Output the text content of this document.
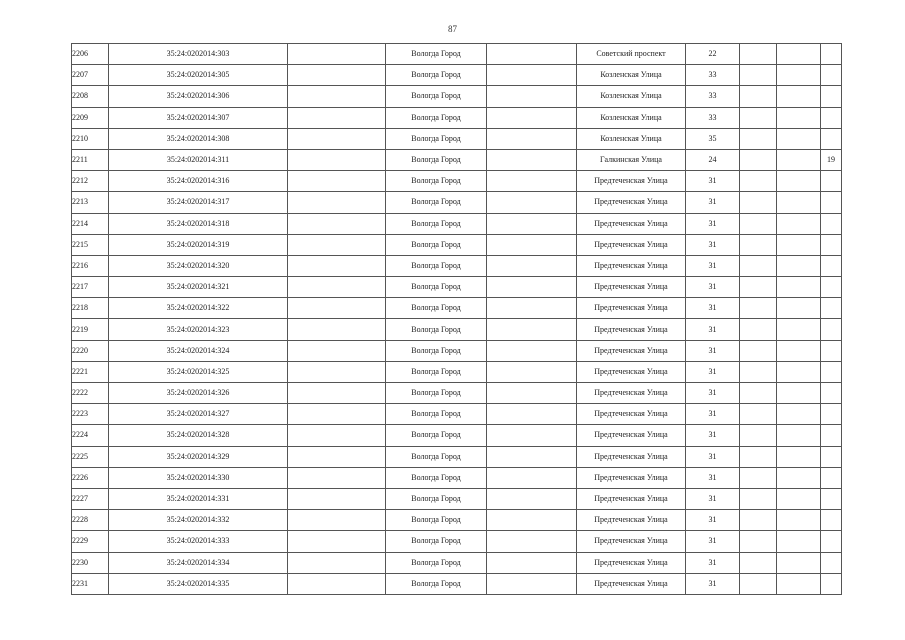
87
2206	35:24:0202014:303		Вологда Город		Советский проспект	22			
2207	35:24:0202014:305		Вологда Город		Козленская Улица	33			
2208	35:24:0202014:306		Вологда Город		Козленская Улица	33			
2209	35:24:0202014:307		Вологда Город		Козленская Улица	33			
2210	35:24:0202014:308		Вологда Город		Козленская Улица	35			
2211	35:24:0202014:311		Вологда Город		Галкинская Улица	24			19
2212	35:24:0202014:316		Вологда Город		Предтеченская Улица	31			
2213	35:24:0202014:317		Вологда Город		Предтеченская Улица	31			
2214	35:24:0202014:318		Вологда Город		Предтеченская Улица	31			
2215	35:24:0202014:319		Вологда Город		Предтеченская Улица	31			
2216	35:24:0202014:320		Вологда Город		Предтеченская Улица	31			
2217	35:24:0202014:321		Вологда Город		Предтеченская Улица	31			
2218	35:24:0202014:322		Вологда Город		Предтеченская Улица	31			
2219	35:24:0202014:323		Вологда Город		Предтеченская Улица	31			
2220	35:24:0202014:324		Вологда Город		Предтеченская Улица	31			
2221	35:24:0202014:325		Вологда Город		Предтеченская Улица	31			
2222	35:24:0202014:326		Вологда Город		Предтеченская Улица	31			
2223	35:24:0202014:327		Вологда Город		Предтеченская Улица	31			
2224	35:24:0202014:328		Вологда Город		Предтеченская Улица	31			
2225	35:24:0202014:329		Вологда Город		Предтеченская Улица	31			
2226	35:24:0202014:330		Вологда Город		Предтеченская Улица	31			
2227	35:24:0202014:331		Вологда Город		Предтеченская Улица	31			
2228	35:24:0202014:332		Вологда Город		Предтеченская Улица	31			
2229	35:24:0202014:333		Вологда Город		Предтеченская Улица	31			
2230	35:24:0202014:334		Вологда Город		Предтеченская Улица	31			
2231	35:24:0202014:335		Вологда Город		Предтеченская Улица	31			
